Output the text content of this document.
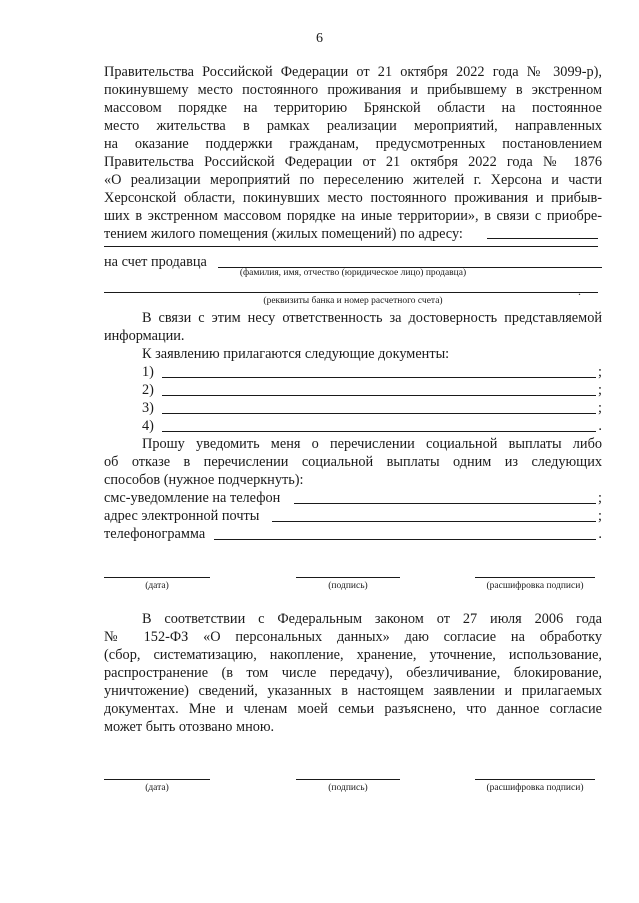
6
Правительства Российской Федерации от 21 октября 2022 года № 3099-р),
покинувшему место постоянного проживания и прибывшему в экстренном
массовом порядке на территорию Брянской области на постоянное
место жительства в рамках реализации мероприятий, направленных
на оказание поддержки гражданам, предусмотренных постановлением
Правительства Российской Федерации от 21 октября 2022 года № 1876
«О реализации мероприятий по переселению жителей г. Херсона и части
Херсонской области, покинувших место постоянного проживания и прибыв-
ших в экстренном массовом порядке на иные территории», в связи с приобре-
тением жилого помещения (жилых помещений) по адресу:
на счет продавца
(фамилия, имя, отчество (юридическое лицо) продавца)
.
(реквизиты банка и номер расчетного счета)
В связи с этим несу ответственность за достоверность представляемой
информации.
К заявлению прилагаются следующие документы:
1)	;
2)	;
3)	;
4)	.
Прошу уведомить меня о перечислении социальной выплаты либо
об отказе в перечислении социальной выплаты одним из следующих
способов (нужное подчеркнуть):
смс-уведомление на телефон	;
адрес электронной почты	;
телефонограмма	.
(дата)	(подпись)	(расшифровка подписи)
В соответствии с Федеральным законом от 27 июля 2006 года
№ 152-ФЗ «О персональных данных» даю согласие на обработку
(сбор, систематизацию, накопление, хранение, уточнение, использование,
распространение (в том числе передачу), обезличивание, блокирование,
уничтожение) сведений, указанных в настоящем заявлении и прилагаемых
документах. Мне и членам моей семьи разъяснено, что данное согласие
может быть отозвано мною.
(дата)	(подпись)	(расшифровка подписи)
